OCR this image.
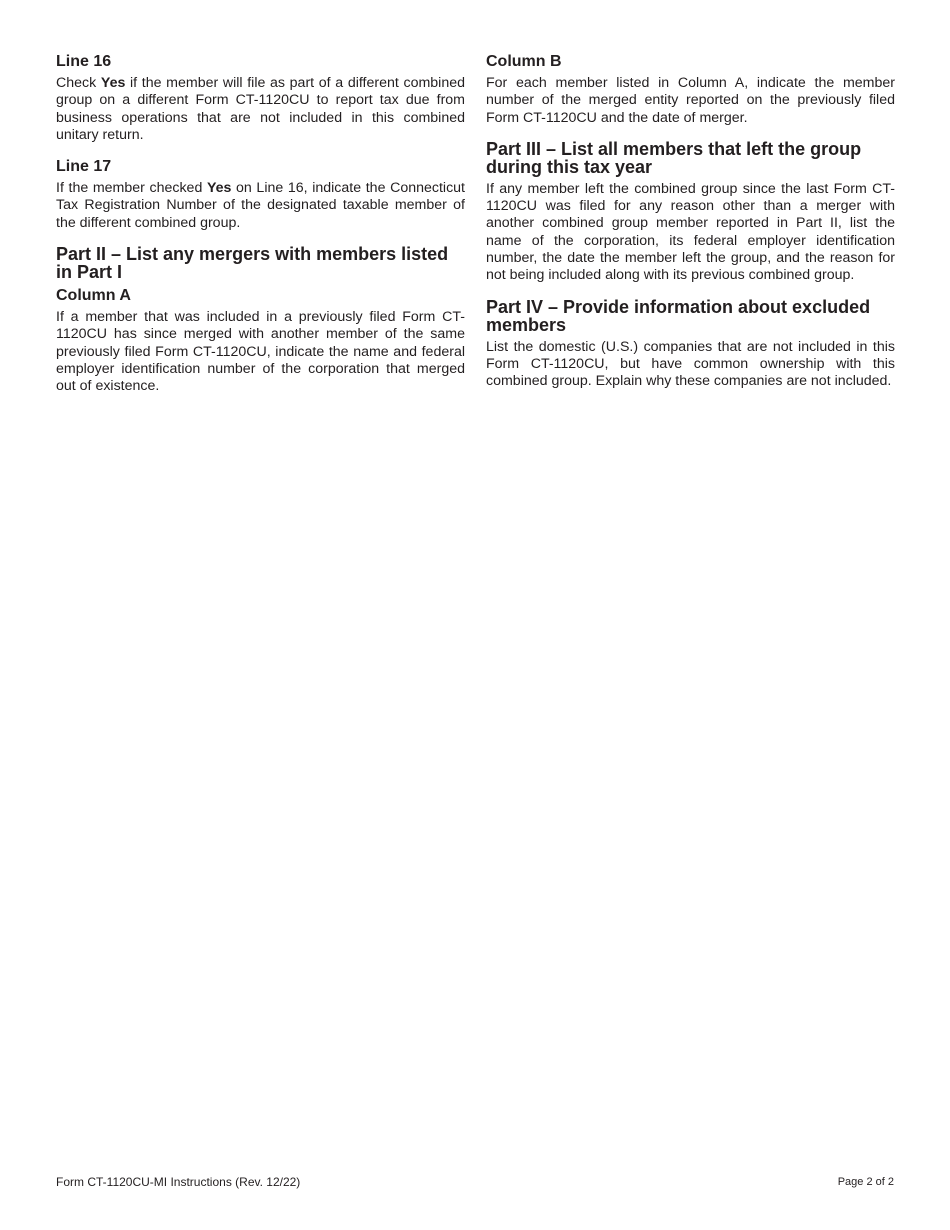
Line 16

Check Yes if the member will file as part of a different combined group on a different Form CT-1120CU to report tax due from business operations that are not included in this combined unitary return.

Line 17

If the member checked Yes on Line 16, indicate the Connecticut Tax Registration Number of the designated taxable member of the different combined group.

Part II – List any mergers with members listed in Part I
Column A

If a member that was included in a previously filed Form CT-1120CU has since merged with another member of the same previously filed Form CT-1120CU, indicate the name and federal employer identification number of the corporation that merged out of existence.

Column B

For each member listed in Column A, indicate the member number of the merged entity reported on the previously filed Form CT-1120CU and the date of merger.

Part III – List all members that left the group during this tax year

If any member left the combined group since the last Form CT-1120CU was filed for any reason other than a merger with another combined group member reported in Part II, list the name of the corporation, its federal employer identification number, the date the member left the group, and the reason for not being included along with its previous combined group.

Part IV – Provide information about excluded members

List the domestic (U.S.) companies that are not included in this Form CT-1120CU, but have common ownership with this combined group. Explain why these companies are not included.

Form CT-1120CU-MI Instructions (Rev. 12/22)	Page 2 of 2
